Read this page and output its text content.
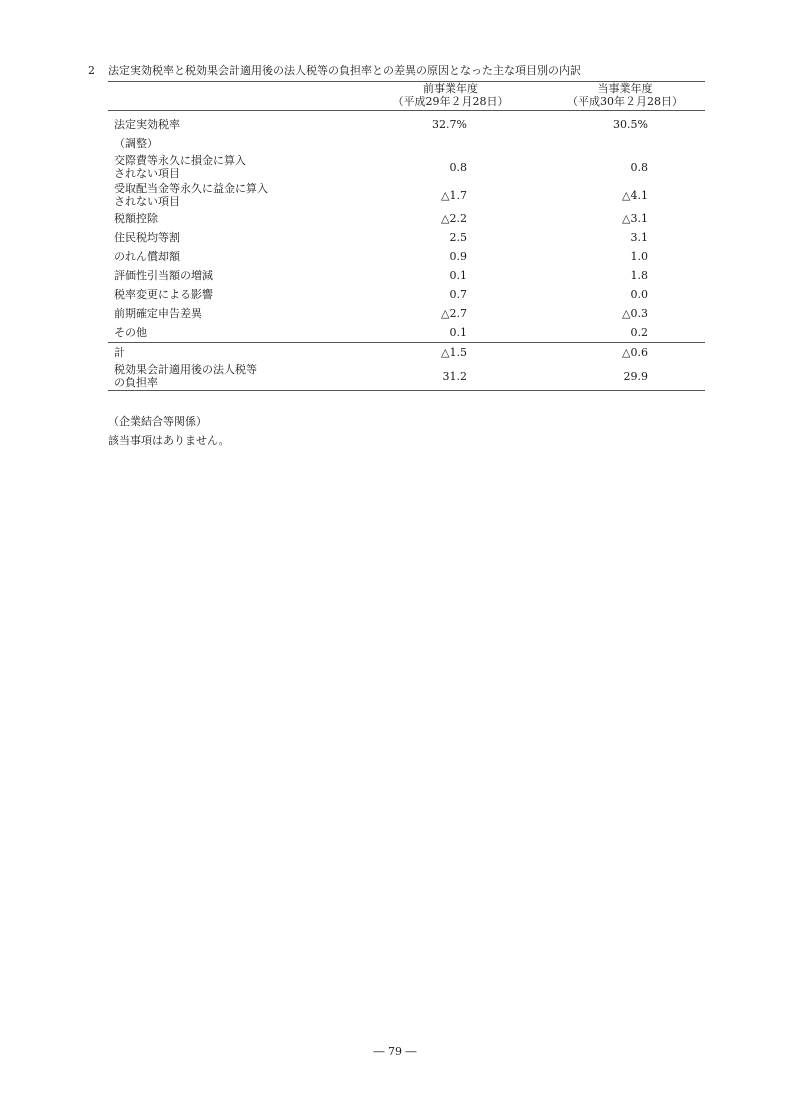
2 法定実効税率と税効果会計適用後の法人税等の負担率との差異の原因となった主な項目別の内訳
	前事業年度	当事業年度
	（平成29年２月28日）	（平成30年２月28日）

法定実効税率	32.7%	30.5%

（調整）		

交際費等永久に損金に算入
されない項目	0.8	0.8

受取配当金等永久に益金に算入
されない項目	△1.7	△4.1

税額控除	△2.2	△3.1

住民税均等割	2.5	3.1

のれん償却額	0.9	1.0

評価性引当額の増減	0.1	1.8

税率変更による影響	0.7	0.0

前期確定申告差異	△2.7	△0.3

その他	0.1	0.2

計	△1.5	△0.6

税効果会計適用後の法人税等
の負担率	31.2	29.9
（企業結合等関係）
該当事項はありません。
― 79 ―
